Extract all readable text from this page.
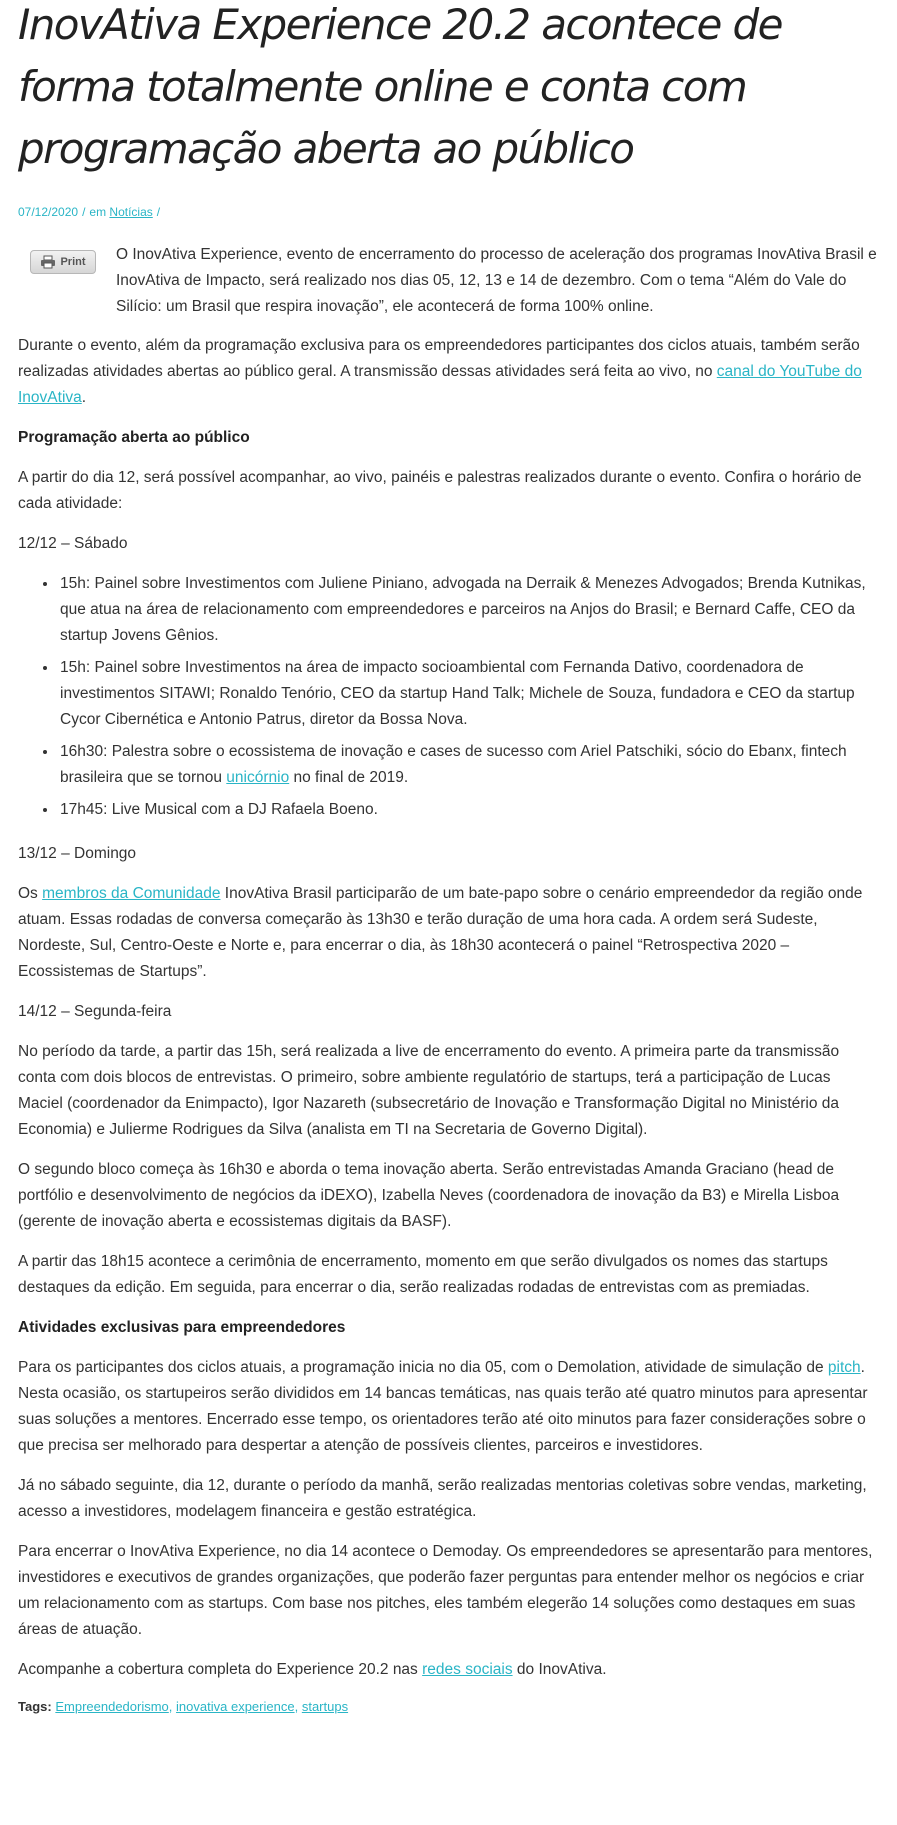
InovAtiva Experience 20.2 acontece de forma totalmente online e conta com programação aberta ao público
07/12/2020 / em Notícias /
Print O InovAtiva Experience, evento de encerramento do processo de aceleração dos programas InovAtiva Brasil e InovAtiva de Impacto, será realizado nos dias 05, 12, 13 e 14 de dezembro. Com o tema “Além do Vale do Silício: um Brasil que respira inovação”, ele acontecerá de forma 100% online.

Durante o evento, além da programação exclusiva para os empreendedores participantes dos ciclos atuais, também serão realizadas atividades abertas ao público geral. A transmissão dessas atividades será feita ao vivo, no canal do YouTube do InovAtiva.

Programação aberta ao público

A partir do dia 12, será possível acompanhar, ao vivo, painéis e palestras realizados durante o evento. Confira o horário de cada atividade:

12/12 – Sábado

• 15h: Painel sobre Investimentos com Juliene Piniano, advogada na Derraik & Menezes Advogados; Brenda Kutnikas, que atua na área de relacionamento com empreendedores e parceiros na Anjos do Brasil; e Bernard Caffe, CEO da startup Jovens Gênios.
• 15h: Painel sobre Investimentos na área de impacto socioambiental com Fernanda Dativo, coordenadora de investimentos SITAWI; Ronaldo Tenório, CEO da startup Hand Talk; Michele de Souza, fundadora e CEO da startup Cycor Cibernética e Antonio Patrus, diretor da Bossa Nova.
• 16h30: Palestra sobre o ecossistema de inovação e cases de sucesso com Ariel Patschiki, sócio do Ebanx, fintech brasileira que se tornou unicórnio no final de 2019.
• 17h45: Live Musical com a DJ Rafaela Boeno.

13/12 – Domingo

Os membros da Comunidade InovAtiva Brasil participarão de um bate-papo sobre o cenário empreendedor da região onde atuam. Essas rodadas de conversa começarão às 13h30 e terão duração de uma hora cada. A ordem será Sudeste, Nordeste, Sul, Centro-Oeste e Norte e, para encerrar o dia, às 18h30 acontecerá o painel “Retrospectiva 2020 – Ecossistemas de Startups”.

14/12 – Segunda-feira

No período da tarde, a partir das 15h, será realizada a live de encerramento do evento. A primeira parte da transmissão conta com dois blocos de entrevistas. O primeiro, sobre ambiente regulatório de startups, terá a participação de Lucas Maciel (coordenador da Enimpacto), Igor Nazareth (subsecretário de Inovação e Transformação Digital no Ministério da Economia) e Julierme Rodrigues da Silva (analista em TI na Secretaria de Governo Digital).

O segundo bloco começa às 16h30 e aborda o tema inovação aberta. Serão entrevistadas Amanda Graciano (head de portfólio e desenvolvimento de negócios da iDEXO), Izabella Neves (coordenadora de inovação da B3) e Mirella Lisboa (gerente de inovação aberta e ecossistemas digitais da BASF).

A partir das 18h15 acontece a cerimônia de encerramento, momento em que serão divulgados os nomes das startups destaques da edição. Em seguida, para encerrar o dia, serão realizadas rodadas de entrevistas com as premiadas.

Atividades exclusivas para empreendedores

Para os participantes dos ciclos atuais, a programação inicia no dia 05, com o Demolation, atividade de simulação de pitch. Nesta ocasião, os startupeiros serão divididos em 14 bancas temáticas, nas quais terão até quatro minutos para apresentar suas soluções a mentores. Encerrado esse tempo, os orientadores terão até oito minutos para fazer considerações sobre o que precisa ser melhorado para despertar a atenção de possíveis clientes, parceiros e investidores.

Já no sábado seguinte, dia 12, durante o período da manhã, serão realizadas mentorias coletivas sobre vendas, marketing, acesso a investidores, modelagem financeira e gestão estratégica.

Para encerrar o InovAtiva Experience, no dia 14 acontece o Demoday. Os empreendedores se apresentarão para mentores, investidores e executivos de grandes organizações, que poderão fazer perguntas para entender melhor os negócios e criar um relacionamento com as startups. Com base nos pitches, eles também elegerão 14 soluções como destaques em suas áreas de atuação.

Acompanhe a cobertura completa do Experience 20.2 nas redes sociais do InovAtiva.

Tags: Empreendedorismo, inovativa experience, startups
